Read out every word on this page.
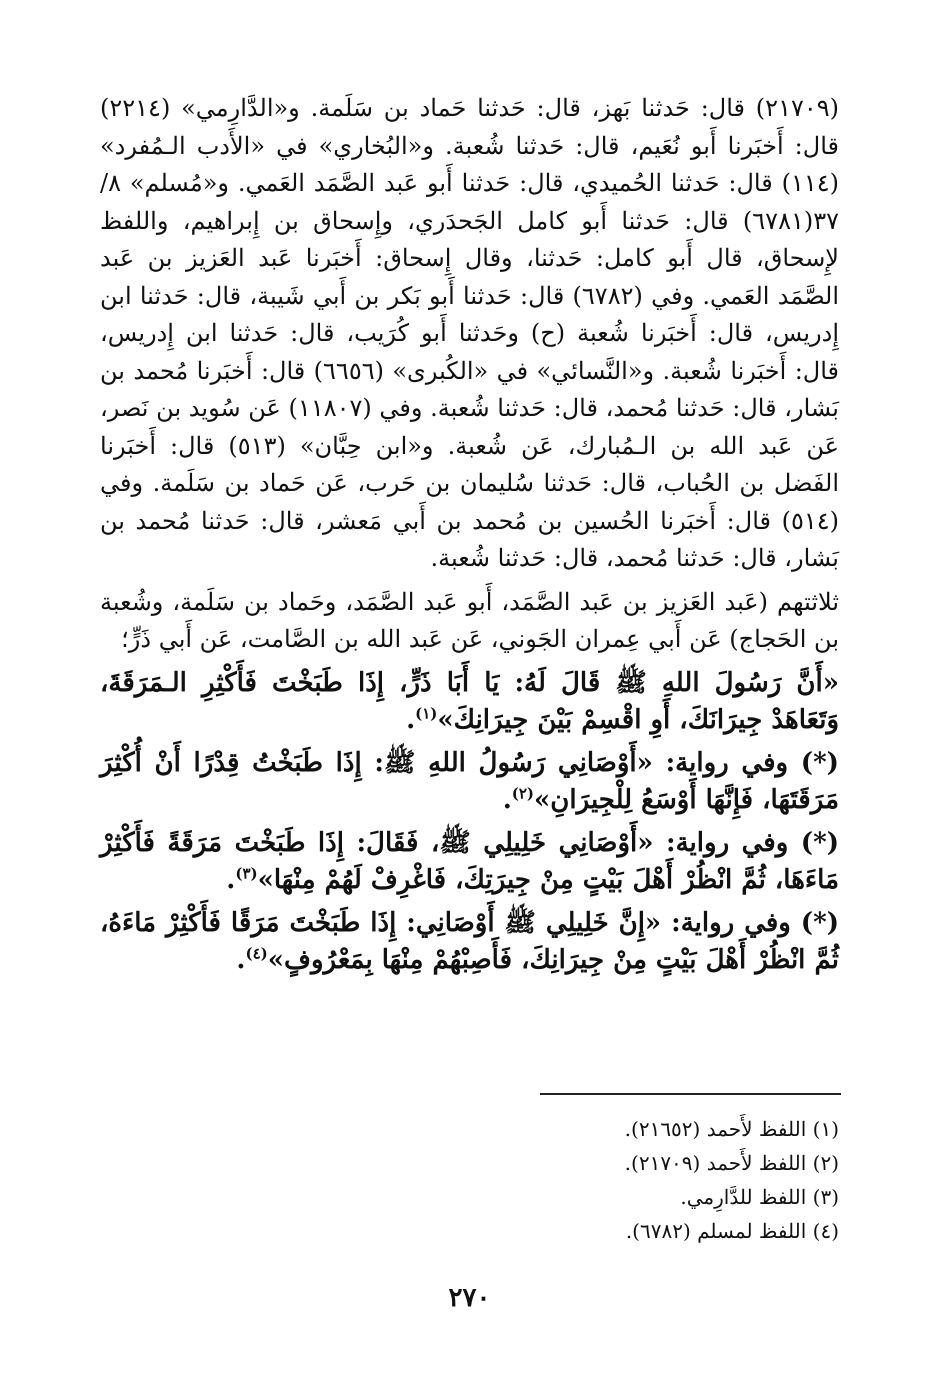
(٢١٧٠٩) قال: حَدثنا بَهز، قال: حَدثنا حَماد بن سَلَمة. و«الدَّارِمي» (٢٢١٤) قال: أَخبَرنا أَبو نُعَيم، قال: حَدثنا شُعبة. و«البُخاري» في «الأَدب الـمُفرد» (١١٤) قال: حَدثنا الحُميدي، قال: حَدثنا أَبو عَبد الصَّمَد العَمي. و«مُسلم» ٨/ ٣٧(٦٧٨١) قال: حَدثنا أَبو كامل الجَحدَري، وإِسحاق بن إِبراهيم، واللفظ لإِسحاق، قال أَبو كامل: حَدثنا، وقال إِسحاق: أَخبَرنا عَبد العَزيز بن عَبد الصَّمَد العَمي. وفي (٦٧٨٢) قال: حَدثنا أَبو بَكر بن أَبي شَيبة، قال: حَدثنا ابن إِدريس، قال: أَخبَرنا شُعبة (ح) وحَدثنا أَبو كُرَيب، قال: حَدثنا ابن إِدريس، قال: أَخبَرنا شُعبة. و«النَّسائي» في «الكُبرى» (٦٦٥٦) قال: أَخبَرنا مُحمد بن بَشار، قال: حَدثنا مُحمد، قال: حَدثنا شُعبة. وفي (١١٨٠٧) عَن سُويد بن نَصر، عَن عَبد الله بن الـمُبارك، عَن شُعبة. و«ابن حِبَّان» (٥١٣) قال: أَخبَرنا الفَضل بن الحُباب، قال: حَدثنا سُليمان بن حَرب، عَن حَماد بن سَلَمة. وفي (٥١٤) قال: أَخبَرنا الحُسين بن مُحمد بن أَبي مَعشر، قال: حَدثنا مُحمد بن بَشار، قال: حَدثنا مُحمد، قال: حَدثنا شُعبة.

ثلاثتهم (عَبد العَزيز بن عَبد الصَّمَد، أَبو عَبد الصَّمَد، وحَماد بن سَلَمة، وشُعبة بن الحَجاج) عَن أَبي عِمران الجَوني، عَن عَبد الله بن الصَّامت، عَن أَبي ذَرٍّ؛

«أَنَّ رَسُولَ اللهِ ﷺ قَالَ لَهُ: يَا أَبَا ذَرٍّ، إِذَا طَبَخْتَ فَأَكْثِرِ الـمَرَقَةَ، وَتَعَاهَدْ جِيرَانَكَ، أَوِ اقْسِمْ بَيْنَ جِيرَانِكَ»$^{(١)}$.

(*) وفي رواية: «أَوْصَانِي رَسُولُ اللهِ ﷺ: إِذَا طَبَخْتُ قِدْرًا أَنْ أُكْثِرَ مَرَقَتَهَا، فَإِنَّهَا أَوْسَعُ لِلْجِيرَانِ»$^{(٢)}$.

(*) وفي رواية: «أَوْصَانِي خَلِيلِي ﷺ، فَقَالَ: إِذَا طَبَخْتَ مَرَقَةً فَأَكْثِرْ مَاءَهَا، ثُمَّ انْظُرْ أَهْلَ بَيْتٍ مِنْ جِيرَتِكَ، فَاغْرِفْ لَهُمْ مِنْهَا»$^{(٣)}$.

(*) وفي رواية: «إِنَّ خَلِيلِي ﷺ أَوْصَانِي: إِذَا طَبَخْتَ مَرَقًا فَأَكْثِرْ مَاءَهُ، ثُمَّ انْظُرْ أَهْلَ بَيْتٍ مِنْ جِيرَانِكَ، فَأَصِبْهُمْ مِنْهَا بِمَعْرُوفٍ»$^{(٤)}$.

(١) اللفظ لأَحمد (٢١٦٥٢).

(٢) اللفظ لأَحمد (٢١٧٠٩).

(٣) اللفظ للدَّارِمي.

(٤) اللفظ لمسلم (٦٧٨٢).

٢٧٠
